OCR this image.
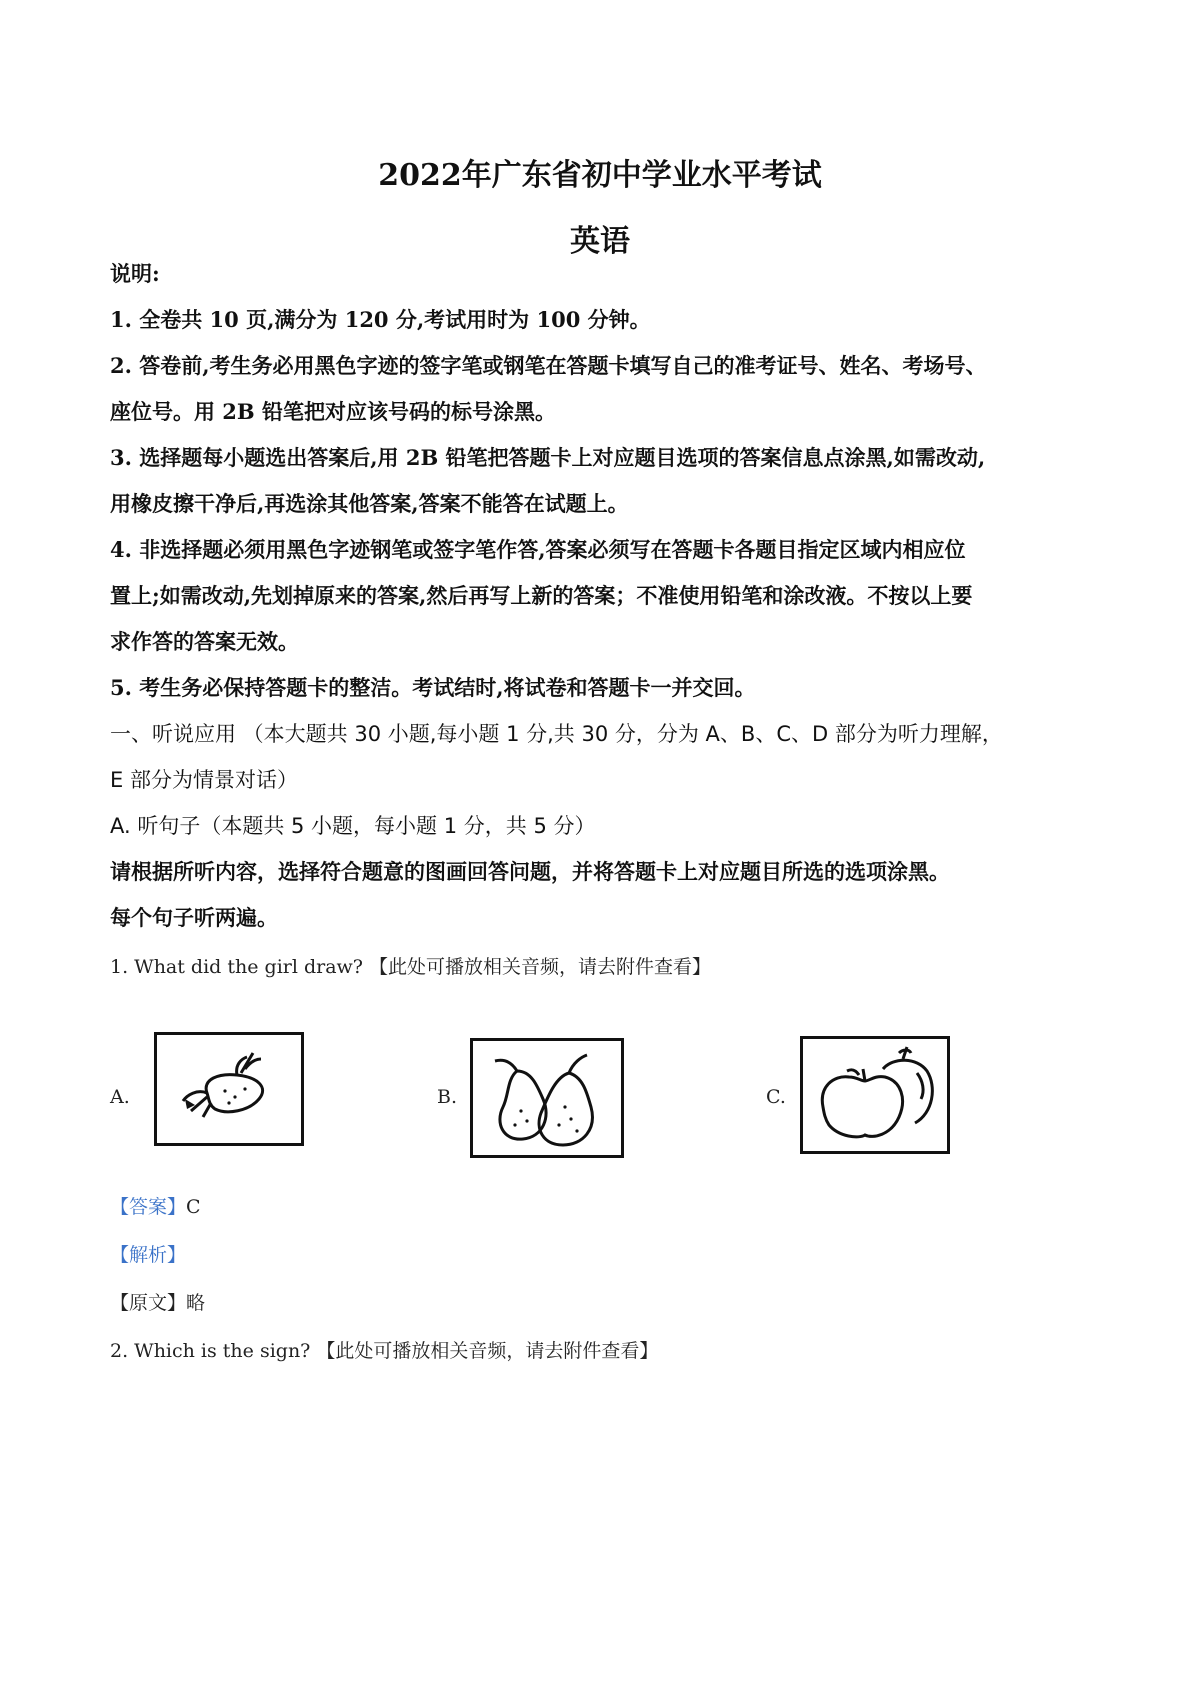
2022年广东省初中学业水平考试
英语
说明:
1. 全卷共 10 页,满分为 120 分,考试用时为 100 分钟。
2. 答卷前,考生务必用黑色字迹的签字笔或钢笔在答题卡填写自己的准考证号、姓名、考场号、
座位号。用 2B 铅笔把对应该号码的标号涂黑。
3. 选择题每小题选出答案后,用 2B 铅笔把答题卡上对应题目选项的答案信息点涂黑,如需改动,
用橡皮擦干净后,再选涂其他答案,答案不能答在试题上。
4. 非选择题必须用黑色字迹钢笔或签字笔作答,答案必须写在答题卡各题目指定区域内相应位
置上;如需改动,先划掉原来的答案,然后再写上新的答案；不准使用铅笔和涂改液。不按以上要
求作答的答案无效。
5. 考生务必保持答题卡的整洁。考试结时,将试卷和答题卡一并交回。
一、听说应用 （本大题共 30 小题,每小题 1 分,共 30 分，分为 A、B、C、D 部分为听力理解，
E 部分为情景对话）
A. 听句子（本题共 5 小题，每小题 1 分，共 5 分）
请根据所听内容，选择符合题意的图画回答问题，并将答题卡上对应题目所选的选项涂黑。
每个句子听两遍。
1. What did the girl draw? 【此处可播放相关音频，请去附件查看】
A.	B.	C.
【答案】C
【解析】
【原文】略
2. Which is the sign? 【此处可播放相关音频，请去附件查看】
